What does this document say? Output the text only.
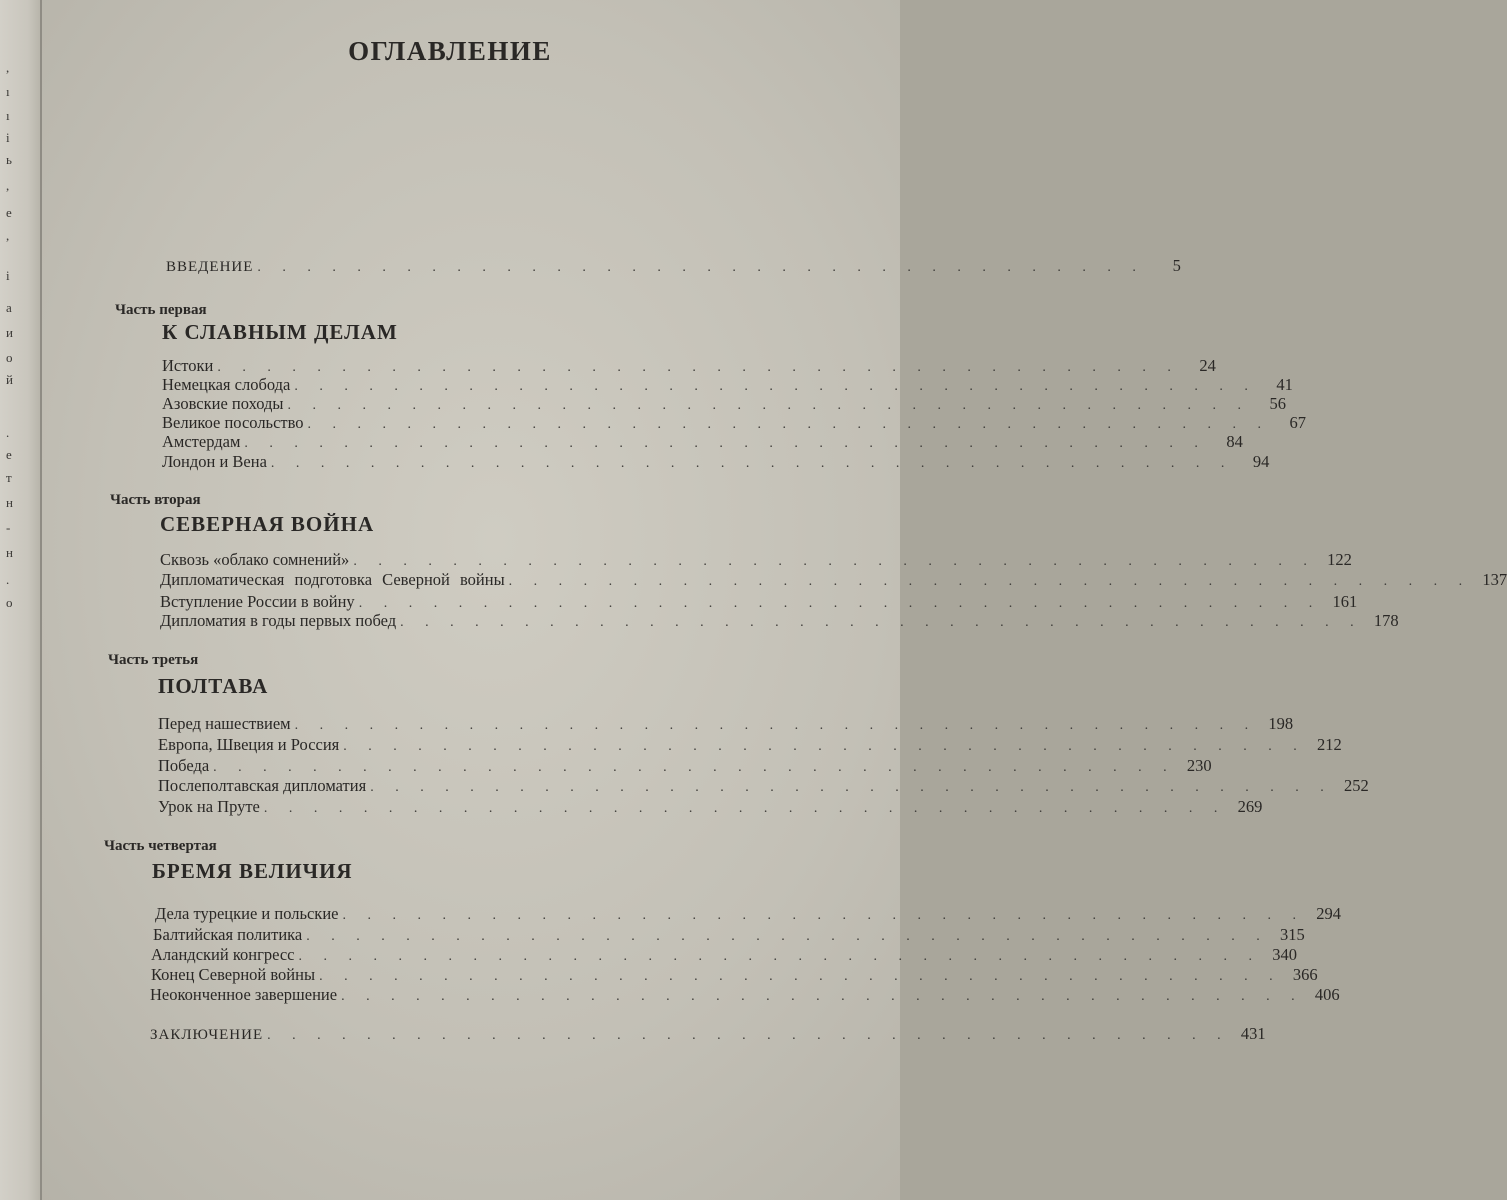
,
ı
ı
і
ь
,
е
,
і
а
и
о
й
.
е
т
н
-
н
.
о
ОГЛАВЛЕНИЕ
ВВЕДЕНИЕ . . . . . . . . . . . . . . . . . . . . . . . . . . . . . . . . . . . .	5
Часть первая
К СЛАВНЫМ ДЕЛАМ
Истоки . . . . . . . . . . . . . . . . . . . . . . . . . . . . . . . . . . . . . . .	24
Немецкая слобода . . . . . . . . . . . . . . . . . . . . . . . . . . . . . . . . . . . . . . .	41
Азовские походы . . . . . . . . . . . . . . . . . . . . . . . . . . . . . . . . . . . . . . .	56
Великое посольство . . . . . . . . . . . . . . . . . . . . . . . . . . . . . . . . . . . . . . .	67
Амстердам . . . . . . . . . . . . . . . . . . . . . . . . . . . . . . . . . . . . . . .	84
Лондон и Вена . . . . . . . . . . . . . . . . . . . . . . . . . . . . . . . . . . . . . . .	94
Часть вторая
СЕВЕРНАЯ ВОЙНА
Сквозь «облако сомнений» . . . . . . . . . . . . . . . . . . . . . . . . . . . . . . . . . . . . . . . 122
Дипломатическая подготовка Северной войны . . . . . . . . . . . . . . . . . . . . . . . . . . . . . . . . . . . . . . . 137
Вступление России в войну . . . . . . . . . . . . . . . . . . . . . . . . . . . . . . . . . . . . . . . 161
Дипломатия в годы первых побед . . . . . . . . . . . . . . . . . . . . . . . . . . . . . . . . . . . . . . . 178
Часть третья
ПОЛТАВА
Перед нашествием . . . . . . . . . . . . . . . . . . . . . . . . . . . . . . . . . . . . . . . 198
Европа, Швеция и Россия . . . . . . . . . . . . . . . . . . . . . . . . . . . . . . . . . . . . . . . 212
Победа . . . . . . . . . . . . . . . . . . . . . . . . . . . . . . . . . . . . . . . 230
Послеполтавская дипломатия . . . . . . . . . . . . . . . . . . . . . . . . . . . . . . . . . . . . . . . 252
Урок на Пруте . . . . . . . . . . . . . . . . . . . . . . . . . . . . . . . . . . . . . . . 269
Часть четвертая
БРЕМЯ ВЕЛИЧИЯ
Дела турецкие и польские . . . . . . . . . . . . . . . . . . . . . . . . . . . . . . . . . . . . . . . 294
Балтийская политика . . . . . . . . . . . . . . . . . . . . . . . . . . . . . . . . . . . . . . . 315
Аландский конгресс . . . . . . . . . . . . . . . . . . . . . . . . . . . . . . . . . . . . . . . 340
Конец Северной войны . . . . . . . . . . . . . . . . . . . . . . . . . . . . . . . . . . . . . . . 366
Неоконченное завершение . . . . . . . . . . . . . . . . . . . . . . . . . . . . . . . . . . . . . . . 406
ЗАКЛЮЧЕНИЕ . . . . . . . . . . . . . . . . . . . . . . . . . . . . . . . . . . . . . . . 431
